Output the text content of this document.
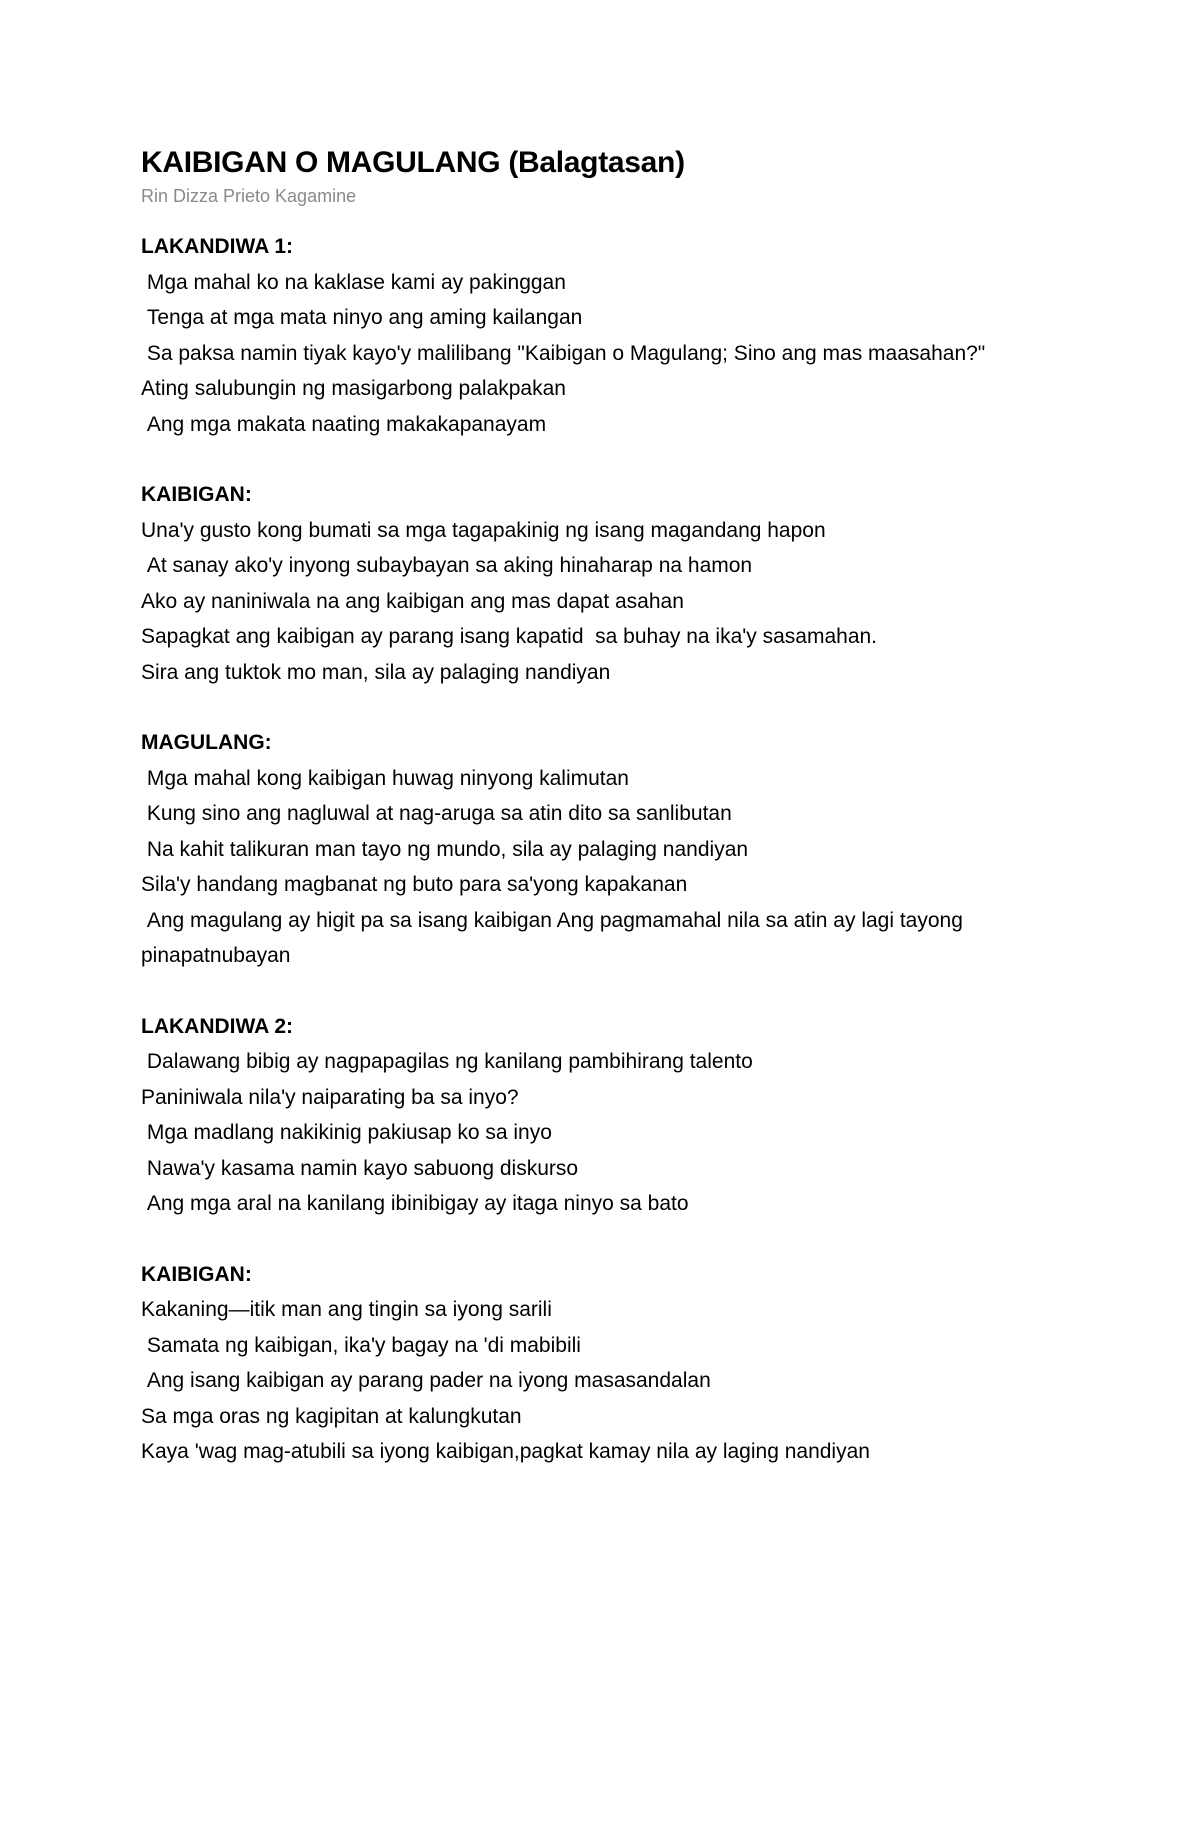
KAIBIGAN O MAGULANG (Balagtasan)

Rin Dizza Prieto Kagamine

LAKANDIWA 1:

Mga mahal ko na kaklase kami ay pakinggan
Tenga at mga mata ninyo ang aming kailangan
Sa paksa namin tiyak kayo'y malilibang "Kaibigan o Magulang; Sino ang mas maasahan?"
Ating salubungin ng masigarbong palakpakan
Ang mga makata naating makakapanayam

KAIBIGAN:

Una'y gusto kong bumati sa mga tagapakinig ng isang magandang hapon
At sanay ako'y inyong subaybayan sa aking hinaharap na hamon
Ako ay naniniwala na ang kaibigan ang mas dapat asahan
Sapagkat ang kaibigan ay parang isang kapatid  sa buhay na ika'y sasamahan.
Sira ang tuktok mo man, sila ay palaging nandiyan

MAGULANG:

Mga mahal kong kaibigan huwag ninyong kalimutan
Kung sino ang nagluwal at nag-aruga sa atin dito sa sanlibutan
Na kahit talikuran man tayo ng mundo, sila ay palaging nandiyan
Sila'y handang magbanat ng buto para sa'yong kapakanan
Ang magulang ay higit pa sa isang kaibigan Ang pagmamahal nila sa atin ay lagi tayong pinapatnubayan

LAKANDIWA 2:

Dalawang bibig ay nagpapagilas ng kanilang pambihirang talento
Paniniwala nila'y naiparating ba sa inyo?
Mga madlang nakikinig pakiusap ko sa inyo
Nawa'y kasama namin kayo sabuong diskurso
Ang mga aral na kanilang ibinibigay ay itaga ninyo sa bato

KAIBIGAN:

Kakaning—itik man ang tingin sa iyong sarili
Samata ng kaibigan, ika'y bagay na 'di mabibili
Ang isang kaibigan ay parang pader na iyong masasandalan
Sa mga oras ng kagipitan at kalungkutan
Kaya 'wag mag-atubili sa iyong kaibigan,pagkat kamay nila ay laging nandiyan
